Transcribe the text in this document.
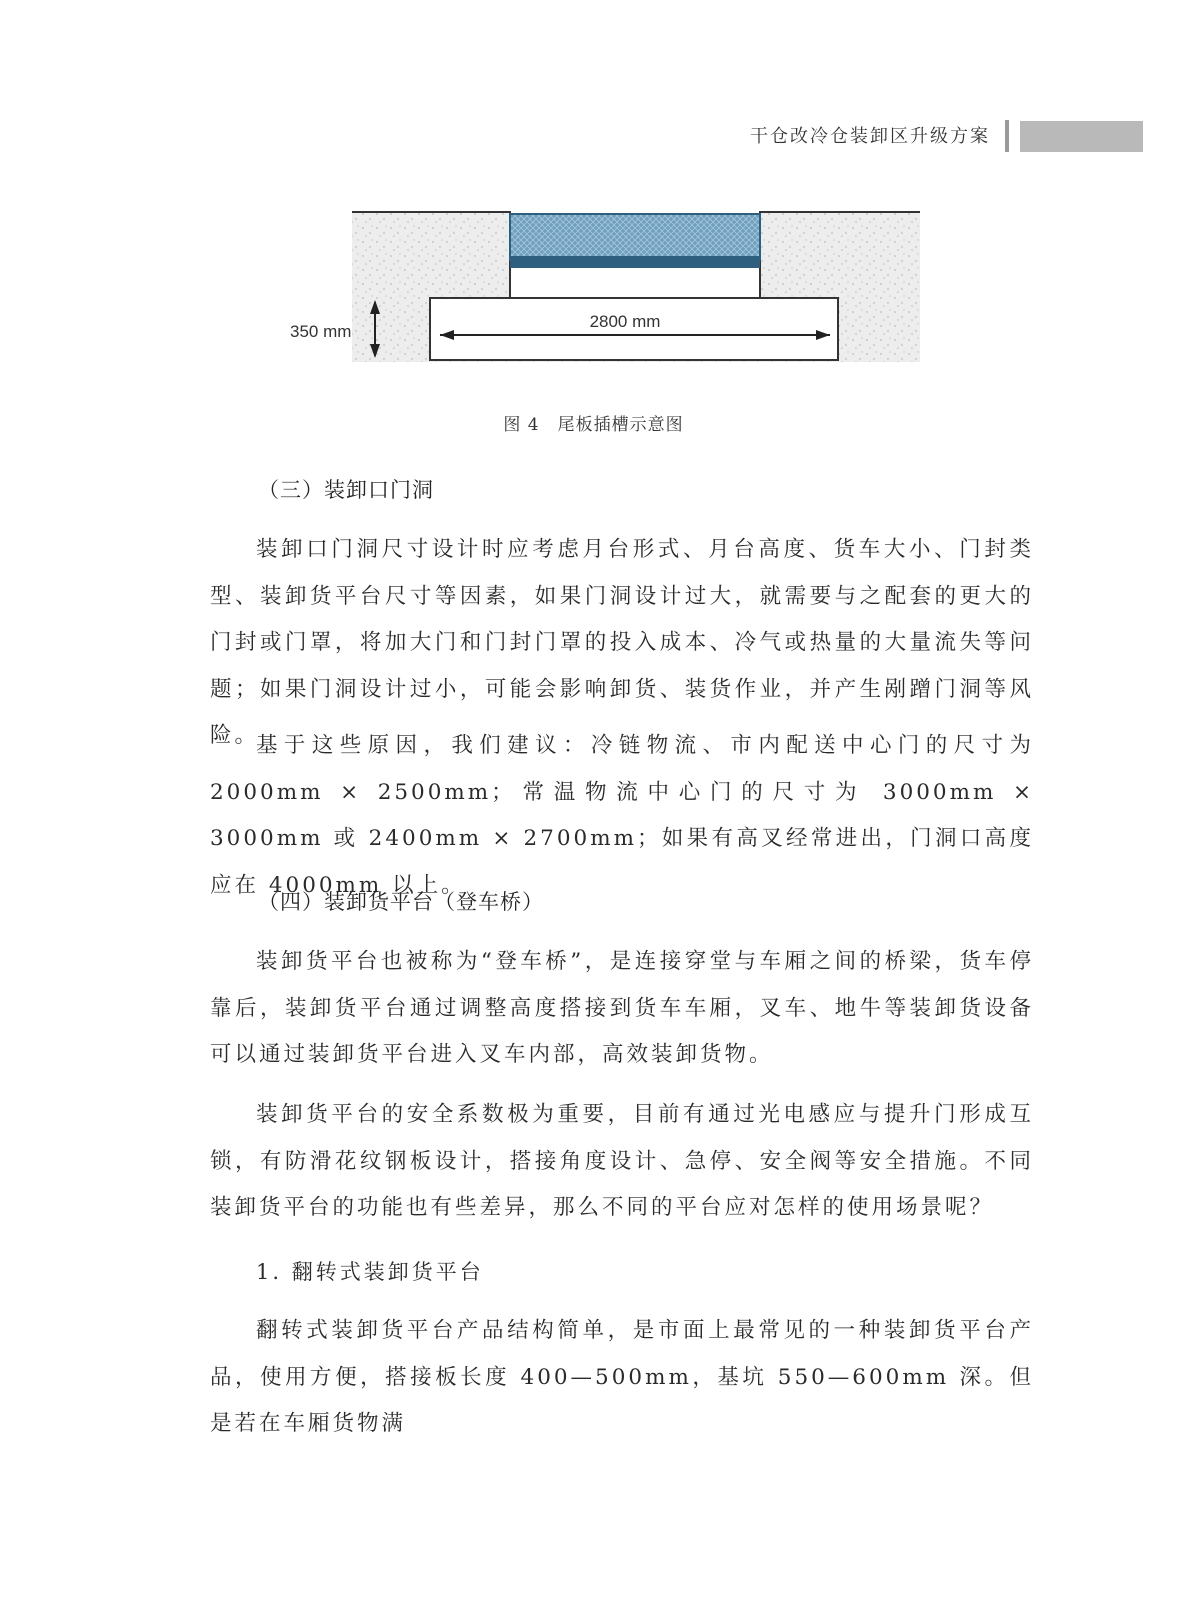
干仓改冷仓装卸区升级方案
2800 mm
350 mm
图 4　尾板插槽示意图
（三）装卸口门洞
装卸口门洞尺寸设计时应考虑月台形式、月台高度、货车大小、门封类型、装卸货平台尺寸等因素，如果门洞设计过大，就需要与之配套的更大的门封或门罩，将加大门和门封门罩的投入成本、冷气或热量的大量流失等问题；如果门洞设计过小，可能会影响卸货、装货作业，并产生剐蹭门洞等风险。
基于这些原因，我们建议：冷链物流、市内配送中心门的尺寸为 2000mm × 2500mm；常温物流中心门的尺寸为 3000mm × 3000mm 或 2400mm × 2700mm；如果有高叉经常进出，门洞口高度应在 4000mm 以上。
（四）装卸货平台（登车桥）
装卸货平台也被称为“登车桥”，是连接穿堂与车厢之间的桥梁，货车停靠后，装卸货平台通过调整高度搭接到货车车厢，叉车、地牛等装卸货设备可以通过装卸货平台进入叉车内部，高效装卸货物。
装卸货平台的安全系数极为重要，目前有通过光电感应与提升门形成互锁，有防滑花纹钢板设计，搭接角度设计、急停、安全阀等安全措施。不同装卸货平台的功能也有些差异，那么不同的平台应对怎样的使用场景呢？
1. 翻转式装卸货平台
翻转式装卸货平台产品结构简单，是市面上最常见的一种装卸货平台产品，使用方便，搭接板长度 400—500mm，基坑 550—600mm 深。但是若在车厢货物满
